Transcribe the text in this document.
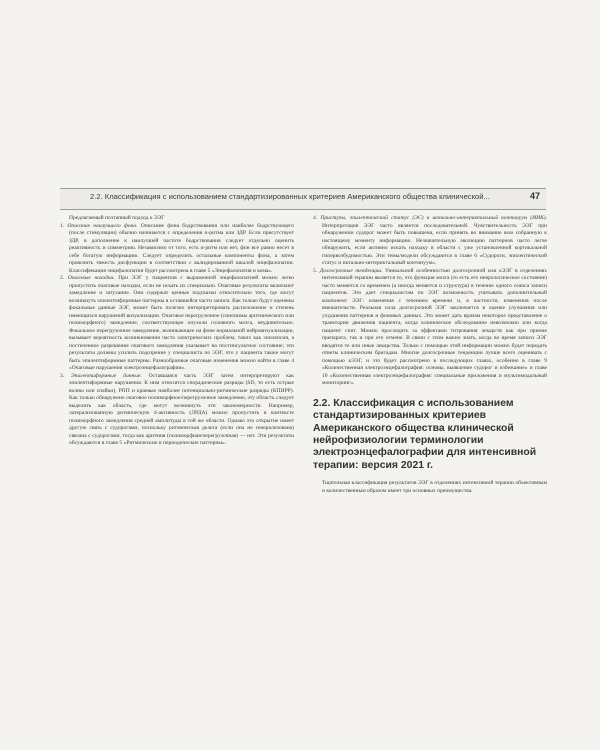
2.2. Классификация с использованием стандартизированных критериев Американского общества клинической...	47

Предлагаемый поэтапный подход к ЭЭГ

1. Описание наилучшего фона. Описание фона бодрствования или наиболее бодрствующего (после стимуляции) обычно начинается с определения α-ритма или ЗДР. Если присутствует ЗДР, в дополнение к наилучшей частоте бодрствования следует отдельно оценить реактивность и симметрию. Независимо от того, есть α-ритм или нет, фон все равно несет в себе богатую информацию. Следует определить остальные компоненты фона, а затем прояснить тяжесть дисфункции в соответствии с валидированной шкалой энцефалопатии. Классификация энцефалопатии будет рассмотрена в главе 5 «Энцефалопатия и кома».

2. Очаговые находки. При ЭЭГ у пациентов с выраженной энцефалопатией можно легко пропустить очаговые находки, если не искать их специально. Очаговые результаты включают замедление и затухание. Они содержат ценные подсказки относительно того, где могут возникнуть эпилептиформные паттерны в оставшейся части записи. Как только будут оценены фокальные данные ЭЭГ, может быть полезно интерпретировать расположение и степень имеющихся нарушений визуализации. Очаговое перегрузочное (синонимы аритмического или полиморфного) замедление, соответствующее опухоли головного мозга, неудивительно. Фокальное перегрузочное замедление, возникающее на фоне нормальной нейровизуализации, вызывает вероятность возникновения часто электрических проблем, таких как эпилепсия, а постепенное разрешение очагового замедления указывает на постинсультное состояние; эти результаты должны усилить подозрение у специалиста по ЭЭГ, что у пациента также могут быть эпилептиформные паттерны. Разнообразные очаговые изменения можно найти в главе 4 «Очаговые нарушения электроэнцефалографии».

3. Эпилептиформные данные. Оставшаяся часть ЭЭГ затем интерпретируют как эпилептиформные нарушения. К ним относятся спорадические разряды (SD, то есть острые волны или спайки), РПП и краевые наиболее потенциально-ритмические разряды (КПИРР). Как только обнаружено очаговое полиморфное/перегрузочное замедление, эту область следует выделить как область, где могут возникнуть эти закономерности. Например, латерализованную ритмическую δ-активность (ЛРДА) можно пропустить в контексте полиморфного замедления средней амплитуды в той же области. Однако это открытие имеет другую связь с судорогами, поскольку ритмическая дельта (если она не генерализована) связана с судорогами, тогда как аритмия (полиморфная/перегрузочная) — нет. Эти результаты обсуждаются в главе 5 «Ритмические и периодические паттерны».

4. Приступы, эпилептический статус (ЭС) и иктально-интериктальный континуум (ИИК). Интерпретация ЭЭГ часто является последовательной. Чувствительность ЭЭГ при обнаружении судорог может быть повышена, если принять во внимание всю собранную к настоящему моменту информацию. Незначительную эволюцию паттернов часто легче обнаружить, если активно искать находку в области с уже установленной кортикальной гипервозбудимостью. Эти темы/модели обсуждаются в главе 6 «Судороги, эпилептический статус и иктально-интериктальный континуум».

5. Долгосрочные тенденции. Уникальной особенностью долгосрочной или кЭЭГ в отделениях интенсивной терапии является то, что функция мозга (то есть его неврологическое состояние) часто меняется со временем (а иногда меняется и структура) в течение одного сеанса записи пациентов. Это дает специалистам по ЭЭГ возможность учитывать дополнительный компонент ЭЭГ: изменения с течением времени и, в частности, изменения после вмешательств. Реальная сила долгосрочной ЭЭГ заключается в оценке улучшения или ухудшения паттернов и фоновых данных. Это может дать врачам некоторое представление о траектории движения пациента, когда клиническое обследование невозможно или когда пациент спит. Можно проследить за эффектами титрования лекарств как при приеме препарата, так и при его отмене. В связи с этим важно знать, когда во время записи ЭЭГ вводятся те или иные лекарства. Только с помощью этой информации можно будет передать ответы клиническим бригадам. Многие долгосрочные тенденции лучше всего оценивать с помощью кЭЭГ, и это будет рассмотрено в последующих главах, особенно в главе 9 «Количественная электроэнцефалография: основы, выявление судорог и избежание» и главе 10 «Количественная электроэнцефалография: специальные приложения и мультимодальный мониторинг».

2.2. Классификация с использованием стандартизированных критериев Американского общества клинической нейрофизиологии терминологии электроэнцефалографии для интенсивной терапии: версия 2021 г.

Тщательная классификация результатов ЭЭГ в отделениях интенсивной терапии объективным и количественным образом имеет три основных преимущества.
